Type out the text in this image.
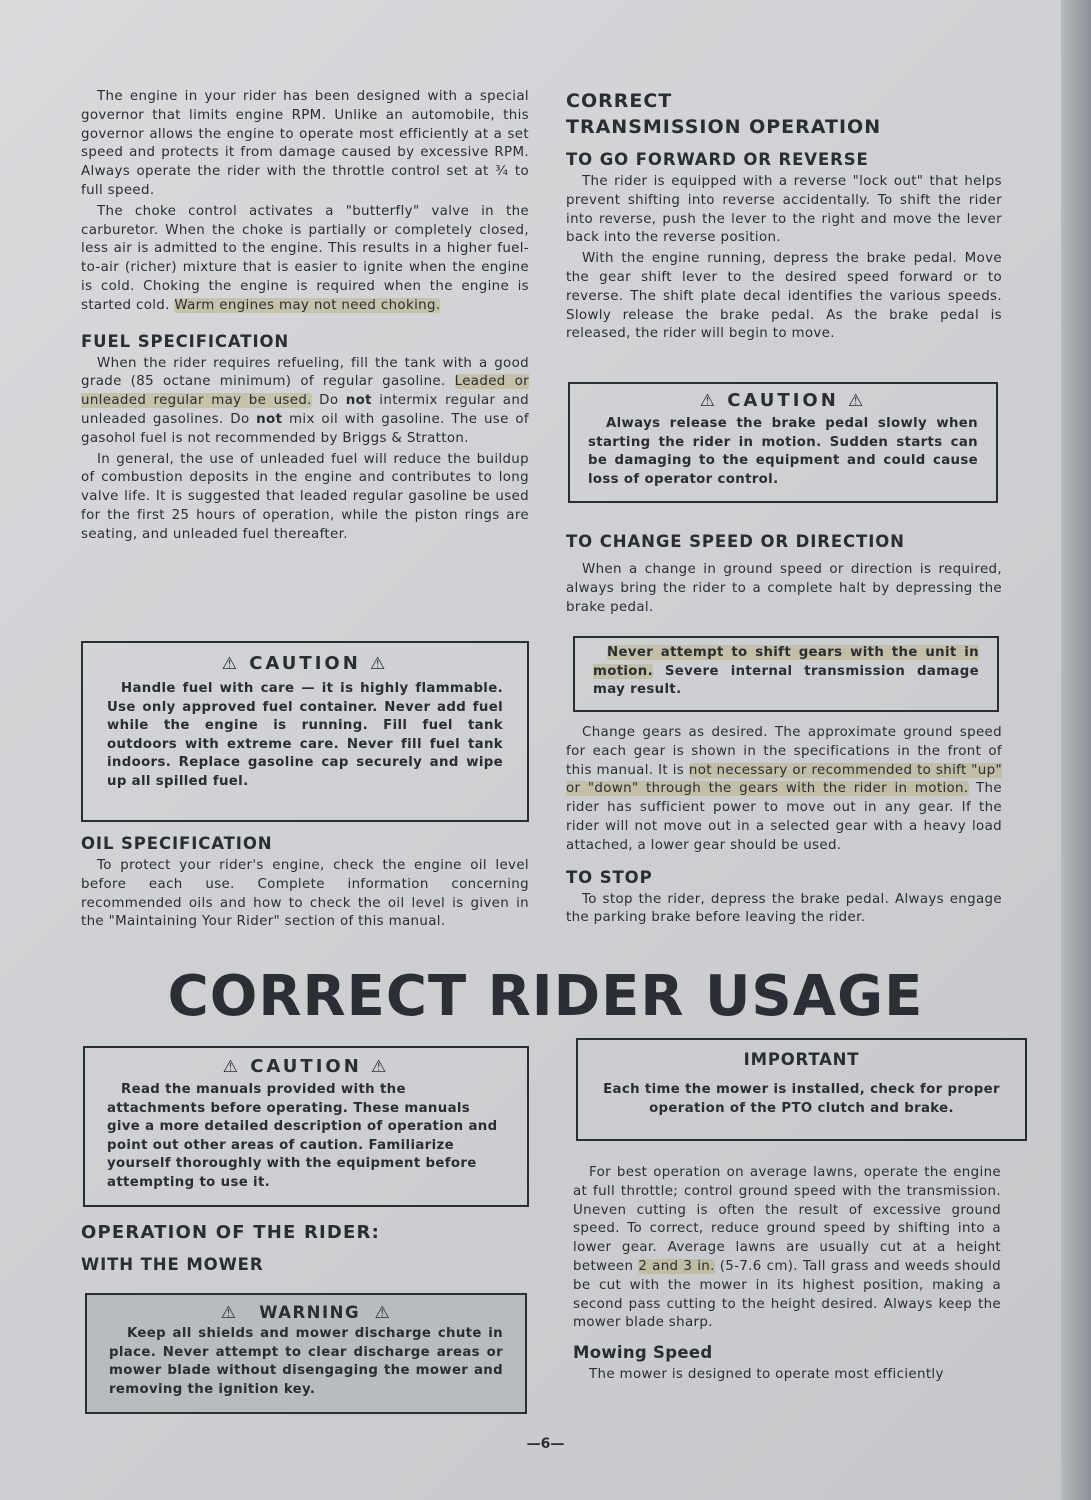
The engine in your rider has been designed with a special governor that limits engine RPM. Unlike an automobile, this governor allows the engine to operate most efficiently at a set speed and protects it from damage caused by excessive RPM. Always operate the rider with the throttle control set at ¾ to full speed.

The choke control activates a "butterfly" valve in the carburetor. When the choke is partially or completely closed, less air is admitted to the engine. This results in a higher fuel-to-air (richer) mixture that is easier to ignite when the engine is cold. Choking the engine is required when the engine is started cold. Warm engines may not need choking.

FUEL SPECIFICATION

When the rider requires refueling, fill the tank with a good grade (85 octane minimum) of regular gasoline. Leaded or unleaded regular may be used. Do not intermix regular and unleaded gasolines. Do not mix oil with gasoline. The use of gasohol fuel is not recommended by Briggs & Stratton.

In general, the use of unleaded fuel will reduce the buildup of combustion deposits in the engine and contributes to long valve life. It is suggested that leaded regular gasoline be used for the first 25 hours of operation, while the piston rings are seating, and unleaded fuel thereafter.

⚠ CAUTION ⚠

Handle fuel with care — it is highly flammable. Use only approved fuel container. Never add fuel while the engine is running. Fill fuel tank outdoors with extreme care. Never fill fuel tank indoors. Replace gasoline cap securely and wipe up all spilled fuel.

OIL SPECIFICATION

To protect your rider's engine, check the engine oil level before each use. Complete information concerning recommended oils and how to check the oil level is given in the "Maintaining Your Rider" section of this manual.

CORRECT
TRANSMISSION OPERATION
TO GO FORWARD OR REVERSE

The rider is equipped with a reverse "lock out" that helps prevent shifting into reverse accidentally. To shift the rider into reverse, push the lever to the right and move the lever back into the reverse position.

With the engine running, depress the brake pedal. Move the gear shift lever to the desired speed forward or to reverse. The shift plate decal identifies the various speeds. Slowly release the brake pedal. As the brake pedal is released, the rider will begin to move.

⚠ CAUTION ⚠

Always release the brake pedal slowly when starting the rider in motion. Sudden starts can be damaging to the equipment and could cause loss of operator control.

TO CHANGE SPEED OR DIRECTION

When a change in ground speed or direction is required, always bring the rider to a complete halt by depressing the brake pedal.

Never attempt to shift gears with the unit in motion. Severe internal transmission damage may result.

Change gears as desired. The approximate ground speed for each gear is shown in the specifications in the front of this manual. It is not necessary or recommended to shift "up" or "down" through the gears with the rider in motion. The rider has sufficient power to move out in any gear. If the rider will not move out in a selected gear with a heavy load attached, a lower gear should be used.

TO STOP

To stop the rider, depress the brake pedal. Always engage the parking brake before leaving the rider.

CORRECT RIDER USAGE
⚠ CAUTION ⚠

Read the manuals provided with the attachments before operating. These manuals give a more detailed description of operation and point out other areas of caution. Familiarize yourself thoroughly with the equipment before attempting to use it.

OPERATION OF THE RIDER:
WITH THE MOWER
⚠ WARNING ⚠

Keep all shields and mower discharge chute in place. Never attempt to clear discharge areas or mower blade without disengaging the mower and removing the ignition key.

IMPORTANT

Each time the mower is installed, check for proper operation of the PTO clutch and brake.

For best operation on average lawns, operate the engine at full throttle; control ground speed with the transmission. Uneven cutting is often the result of excessive ground speed. To correct, reduce ground speed by shifting into a lower gear. Average lawns are usually cut at a height between 2 and 3 in. (5-7.6 cm). Tall grass and weeds should be cut with the mower in its highest position, making a second pass cutting to the height desired. Always keep the mower blade sharp.

Mowing Speed

The mower is designed to operate most efficiently

—6—
